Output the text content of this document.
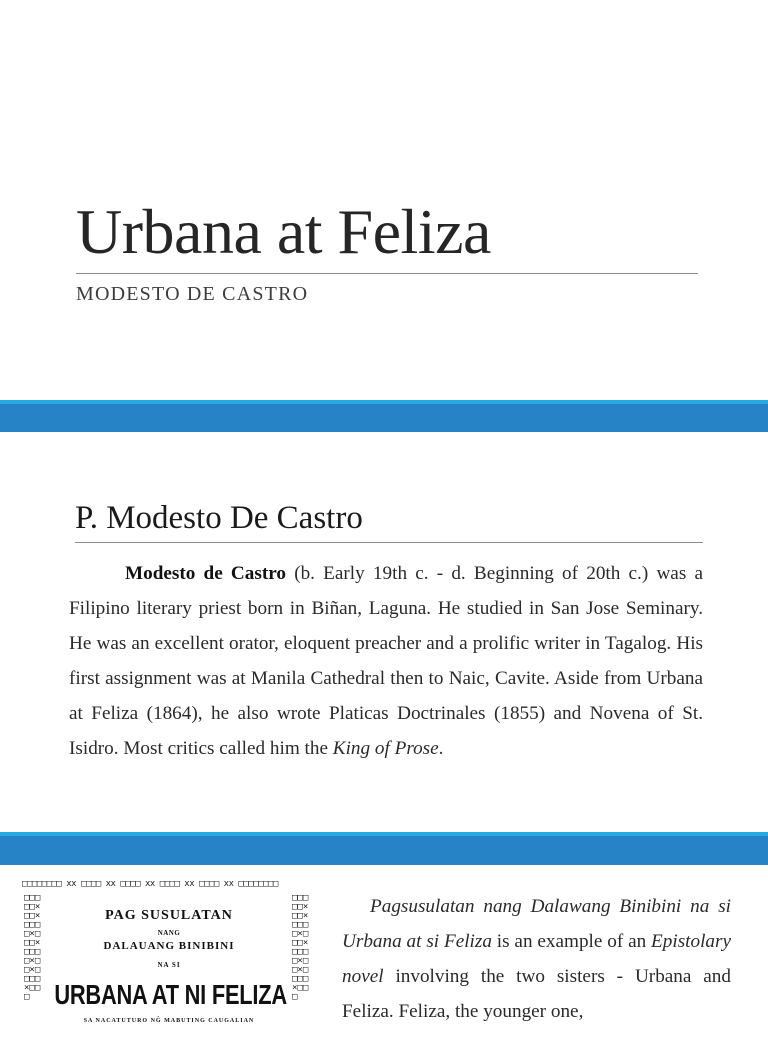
Urbana at Feliza
MODESTO DE CASTRO
P. Modesto De Castro

Modesto de Castro (b. Early 19th c. - d. Beginning of 20th c.) was a Filipino literary priest born in Biñan, Laguna. He studied in San Jose Seminary. He was an excellent orator, eloquent preacher and a prolific writer in Tagalog. His first assignment was at Manila Cathedral then to Naic, Cavite. Aside from Urbana at Feliza (1864), he also wrote Platicas Doctrinales (1855) and Novena of St. Isidro. Most critics called him the King of Prose.

□□□□□□□□ xx □□□□ xx □□□□ xx □□□□ xx □□□□ xx □□□□□□□□
□□□□□×□□×□□□□×□□□×□□□□×□□×□□□□×□□□
□□□□□×□□×□□□□×□□□×□□□□×□□×□□□□×□□□
PAG SUSULATAN
NANG
DALAUANG BINIBINI
NA SI
URBANA AT NI FELIZA
SA NACATUTURO NĜ MABUTING CAUGALIAN

Pagsusulatan nang Dalawang Binibini na si Urbana at si Feliza is an example of an Epistolary novel involving the two sisters - Urbana and Feliza. Feliza, the younger one,
